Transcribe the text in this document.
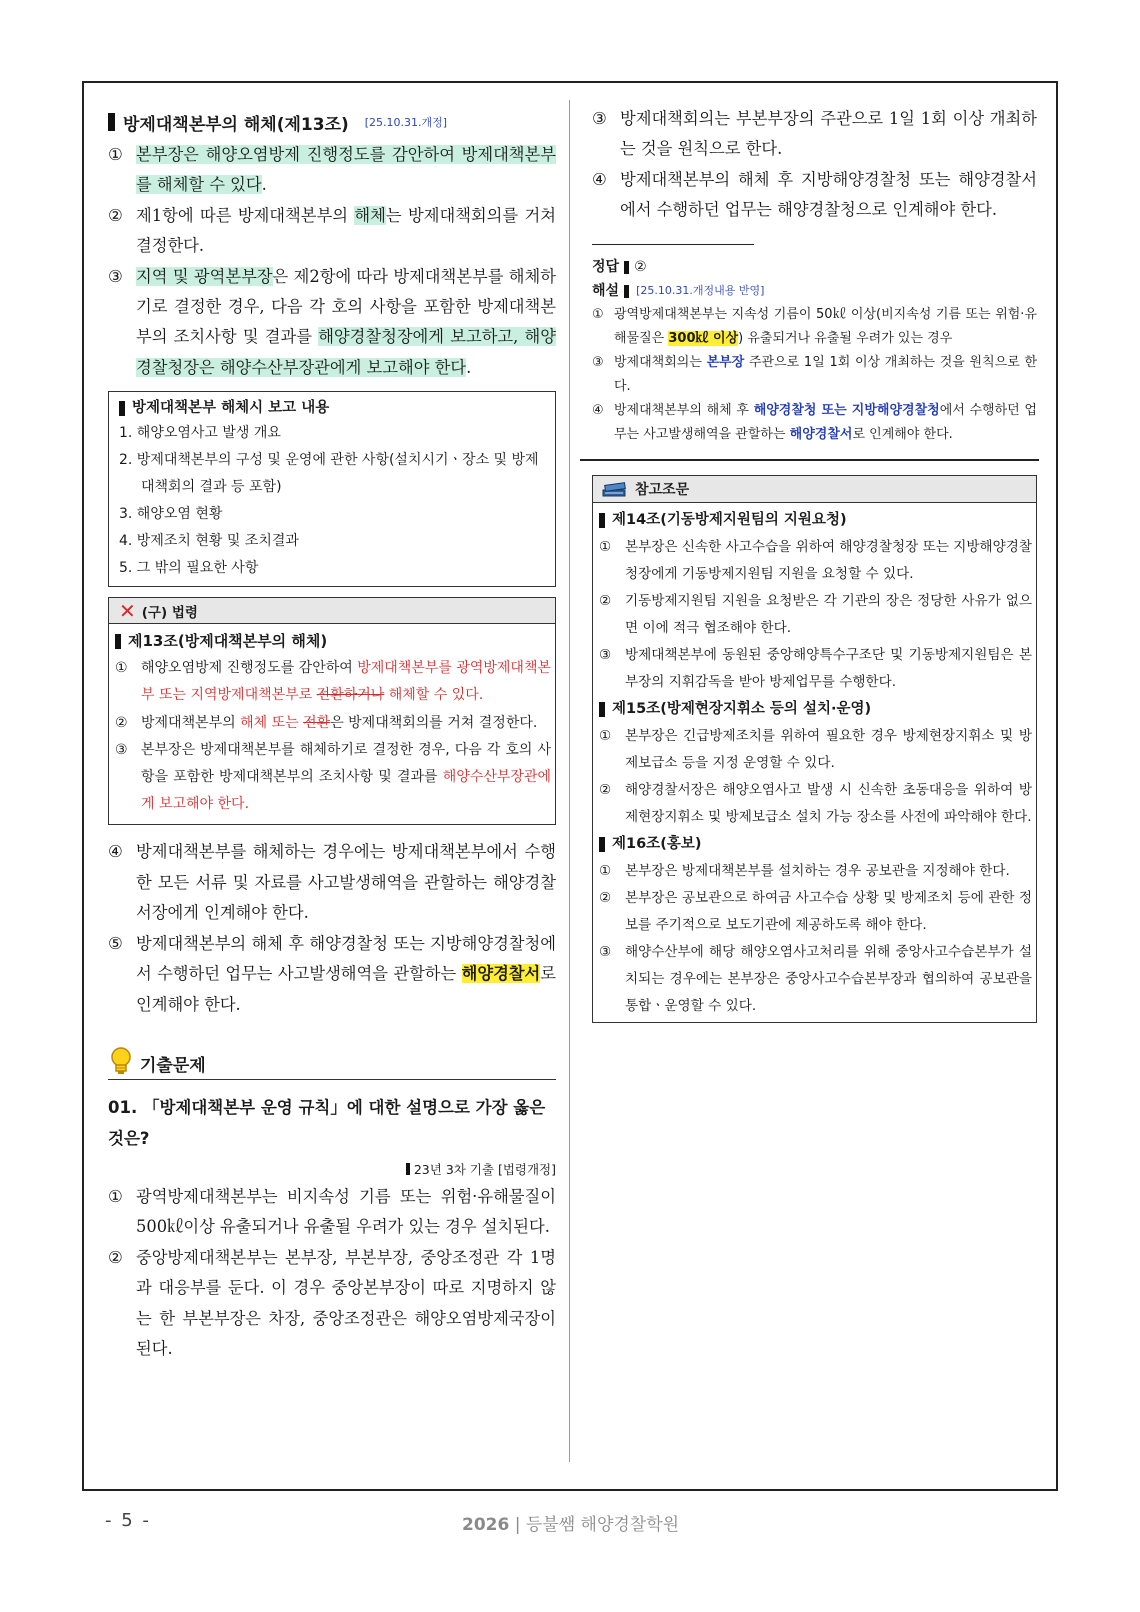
방제대책본부의 해체(제13조) [25.10.31.개정]
① 본부장은 해양오염방제 진행정도를 감안하여 방제대책본부를 해체할 수 있다.
② 제1항에 따른 방제대책본부의 해체는 방제대책회의를 거쳐 결정한다.
③ 지역 및 광역본부장은 제2항에 따라 방제대책본부를 해체하기로 결정한 경우, 다음 각 호의 사항을 포함한 방제대책본부의 조치사항 및 결과를 해양경찰청장에게 보고하고, 해양경찰청장은 해양수산부장관에게 보고해야 한다.
방제대책본부 해체시 보고 내용
1. 해양오염사고 발생 개요
2. 방제대책본부의 구성 및 운영에 관한 사항(설치시기ㆍ장소 및 방제대책회의 결과 등 포함)
3. 해양오염 현황
4. 방제조치 현황 및 조치결과
5. 그 밖의 필요한 사항
✕ (구) 법령
제13조(방제대책본부의 해체)
① 해양오염방제 진행정도를 감안하여 방제대책본부를 광역방제대책본부 또는 지역방제대책본부로 전환하거나 해체할 수 있다.
② 방제대책본부의 해체 또는 전환은 방제대책회의를 거쳐 결정한다.
③ 본부장은 방제대책본부를 해체하기로 결정한 경우, 다음 각 호의 사항을 포함한 방제대책본부의 조치사항 및 결과를 해양수산부장관에게 보고해야 한다.
④ 방제대책본부를 해체하는 경우에는 방제대책본부에서 수행한 모든 서류 및 자료를 사고발생해역을 관할하는 해양경찰서장에게 인계해야 한다.
⑤ 방제대책본부의 해체 후 해양경찰청 또는 지방해양경찰청에서 수행하던 업무는 사고발생해역을 관할하는 해양경찰서로 인계해야 한다.
기출문제
01. 「방제대책본부 운영 규칙」에 대한 설명으로 가장 옳은 것은?
23년 3차 기출 [법령개정]
① 광역방제대책본부는 비지속성 기름 또는 위험·유해물질이 500㎘이상 유출되거나 유출될 우려가 있는 경우 설치된다.
② 중앙방제대책본부는 본부장, 부본부장, 중앙조정관 각 1명과 대응부를 둔다. 이 경우 중앙본부장이 따로 지명하지 않는 한 부본부장은 차장, 중앙조정관은 해양오염방제국장이 된다.
③ 방제대책회의는 부본부장의 주관으로 1일 1회 이상 개최하는 것을 원칙으로 한다.
④ 방제대책본부의 해체 후 지방해양경찰청 또는 해양경찰서에서 수행하던 업무는 해양경찰청으로 인계해야 한다.
정답 ②
해설 [25.10.31.개정내용 반영]
① 광역방제대책본부는 지속성 기름이 50㎘ 이상(비지속성 기름 또는 위험·유해물질은 300㎘ 이상) 유출되거나 유출될 우려가 있는 경우
③ 방제대책회의는 본부장 주관으로 1일 1회 이상 개최하는 것을 원칙으로 한다.
④ 방제대책본부의 해체 후 해양경찰청 또는 지방해양경찰청에서 수행하던 업무는 사고발생해역을 관할하는 해양경찰서로 인계해야 한다.
참고조문
제14조(기동방제지원팀의 지원요청)
①	본부장은 신속한 사고수습을 위하여 해양경찰청장 또는 지방해양경찰청장에게 기동방제지원팀 지원을 요청할 수 있다.
②	기동방제지원팀 지원을 요청받은 각 기관의 장은 정당한 사유가 없으면 이에 적극 협조해야 한다.
③	방제대책본부에 동원된 중앙해양특수구조단 및 기동방제지원팀은 본부장의 지휘감독을 받아 방제업무를 수행한다.
제15조(방제현장지휘소 등의 설치·운영)
①	본부장은 긴급방제조치를 위하여 필요한 경우 방제현장지휘소 및 방제보급소 등을 지정 운영할 수 있다.
②	해양경찰서장은 해양오염사고 발생 시 신속한 초동대응을 위하여 방제현장지휘소 및 방제보급소 설치 가능 장소를 사전에 파악해야 한다.
제16조(홍보)
①	본부장은 방제대책본부를 설치하는 경우 공보관을 지정해야 한다.
②	본부장은 공보관으로 하여금 사고수습 상황 및 방제조치 등에 관한 정보를 주기적으로 보도기관에 제공하도록 해야 한다.
③	해양수산부에 해당 해양오염사고처리를 위해 중앙사고수습본부가 설치되는 경우에는 본부장은 중앙사고수습본부장과 협의하여 공보관을 통합ㆍ운영할 수 있다.
- 5 -	2026 | 등불쌤 해양경찰학원
